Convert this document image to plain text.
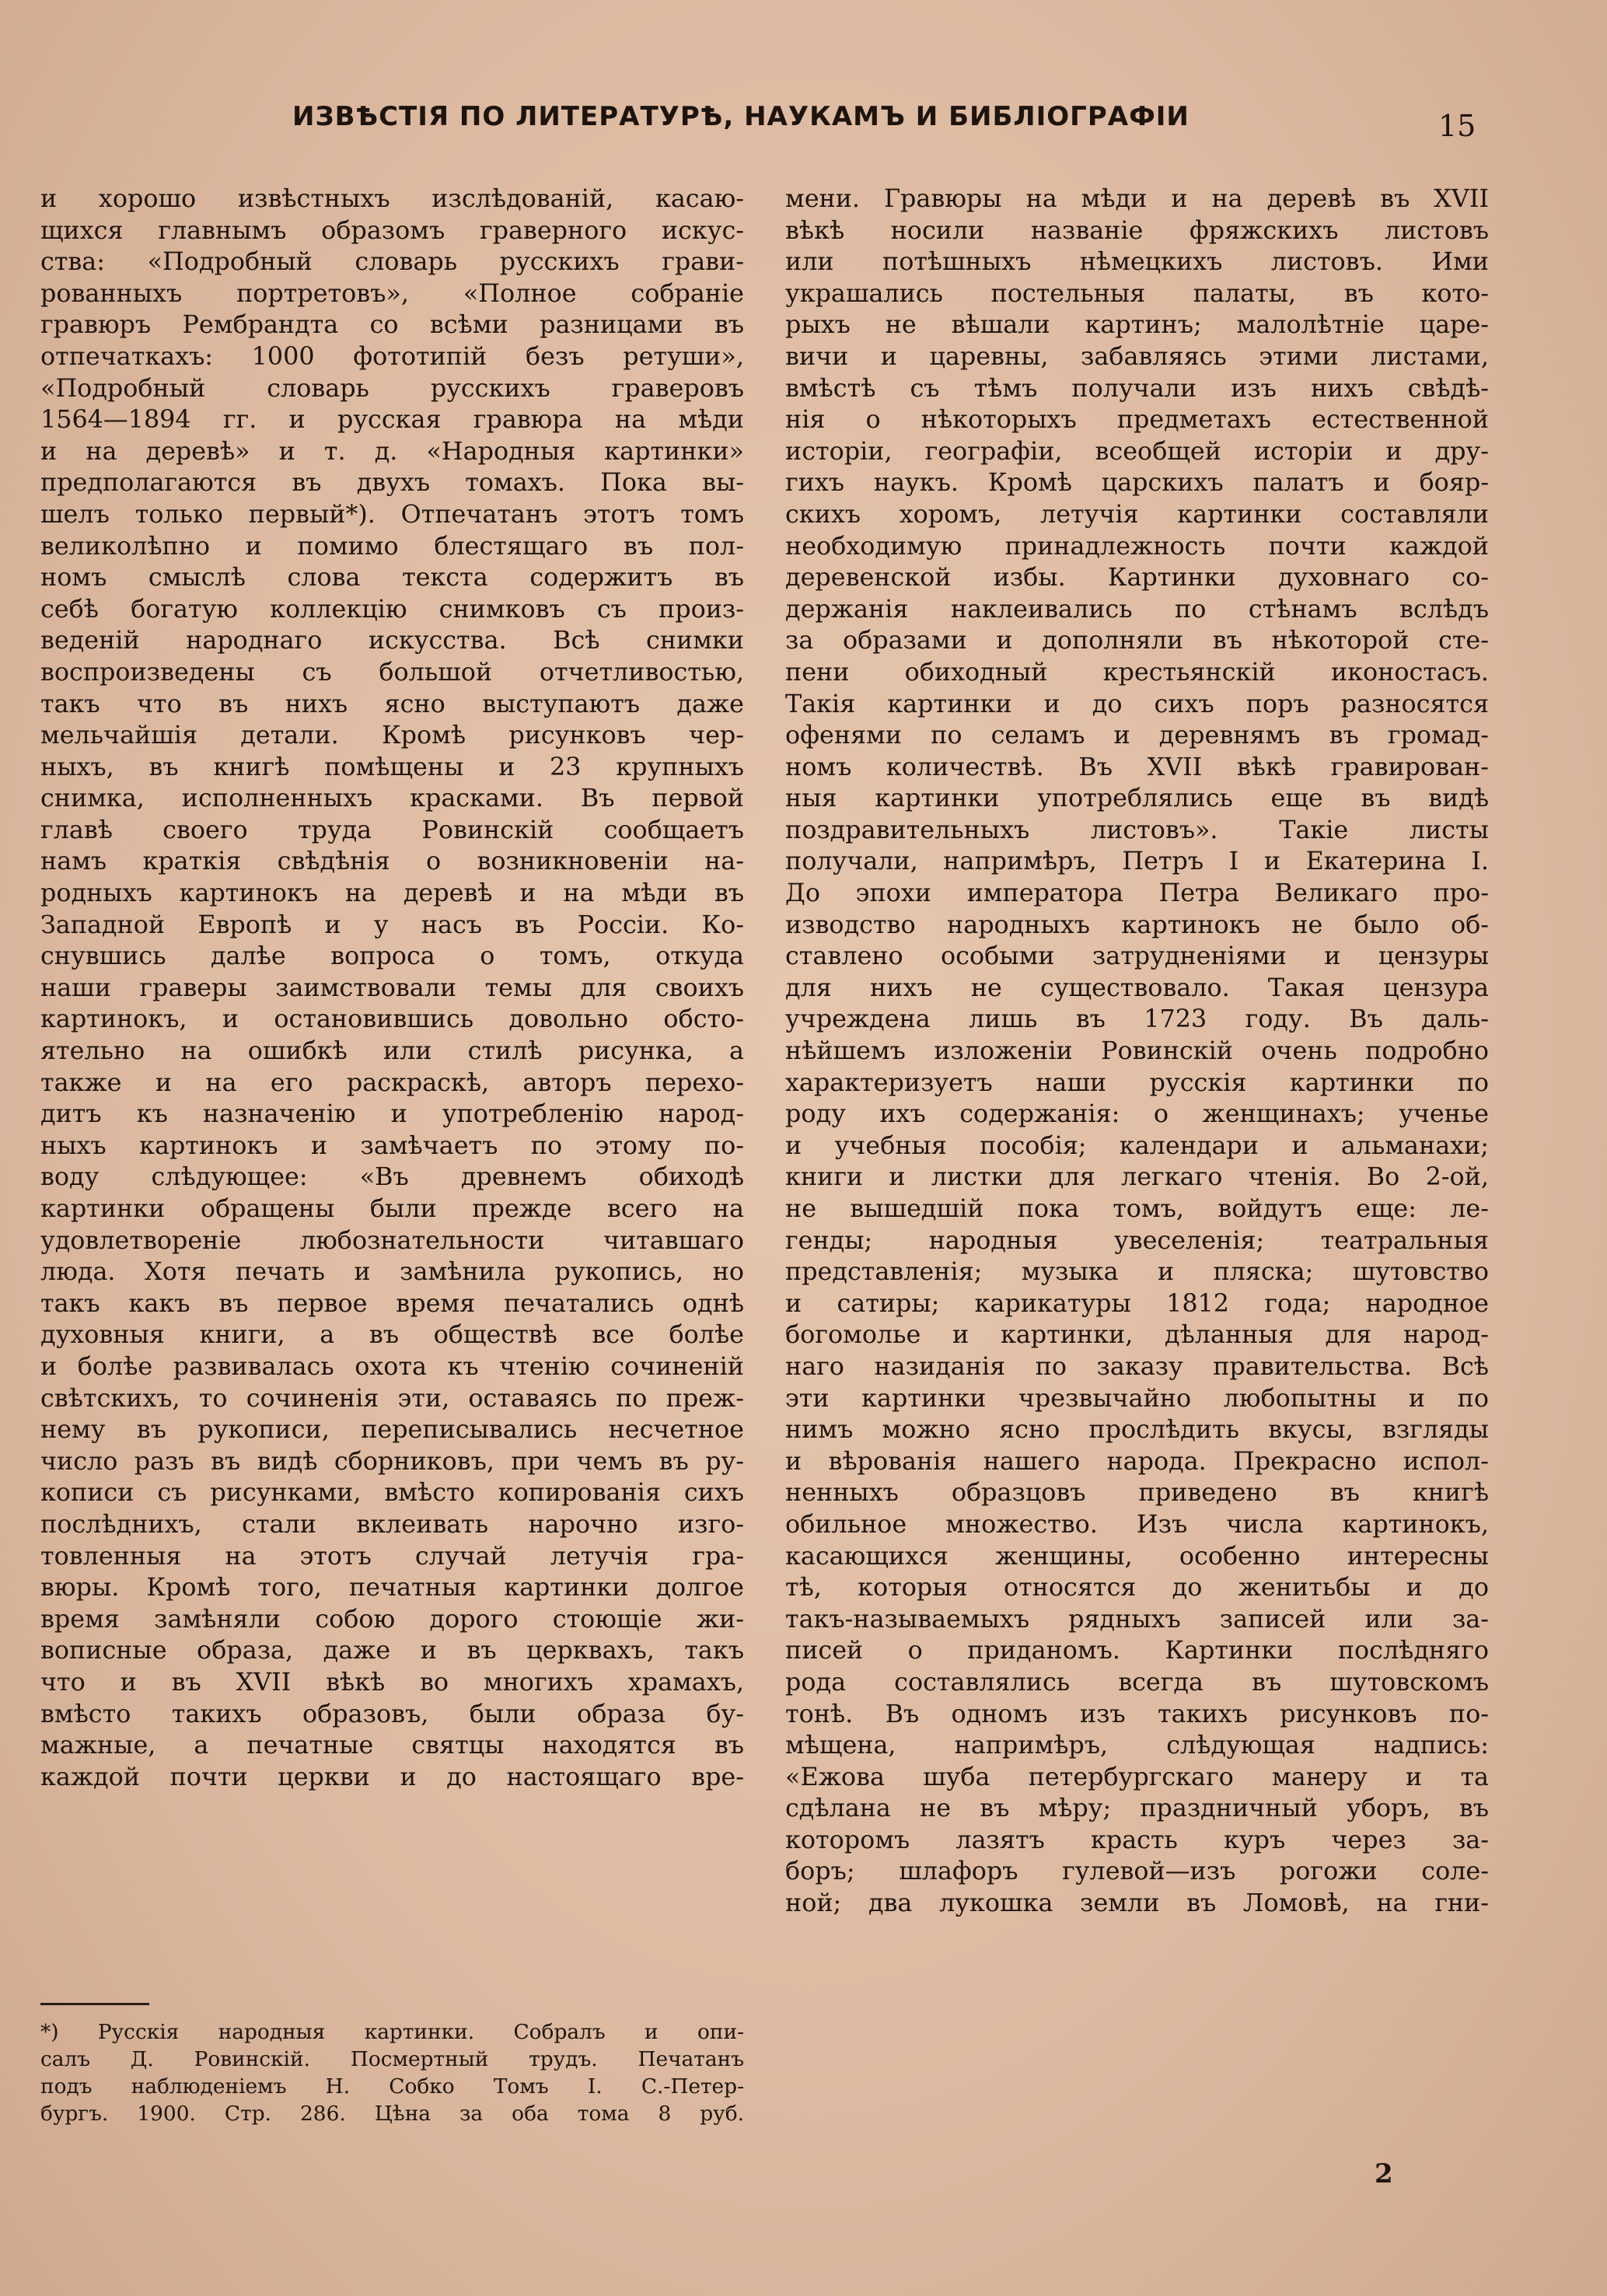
ИЗВѢСТІЯ ПО ЛИТЕРАТУРѢ, НАУКАМЪ И БИБЛІОГРАФІИ	15
и хорошо извѣстныхъ изслѣдованій, касаю-
щихся главнымъ образомъ граверного искус-
ства: «Подробный словарь русскихъ грави-
рованныхъ портретовъ», «Полное собраніе
гравюръ Рембрандта со всѣми разницами въ
отпечаткахъ: 1000 фототипій безъ ретуши»,
«Подробный словарь русскихъ граверовъ
1564—1894 гг. и русская гравюра на мѣди
и на деревѣ» и т. д. «Народныя картинки»
предполагаются въ двухъ томахъ. Пока вы-
шелъ только первый*). Отпечатанъ этотъ томъ
великолѣпно и помимо блестящаго въ пол-
номъ смыслѣ слова текста содержитъ въ
себѣ богатую коллекцію снимковъ съ произ-
веденій народнаго искусства. Всѣ снимки
воспроизведены съ большой отчетливостью,
такъ что въ нихъ ясно выступаютъ даже
мельчайшія детали. Кромѣ рисунковъ чер-
ныхъ, въ книгѣ помѣщены и 23 крупныхъ
снимка, исполненныхъ красками. Въ первой
главѣ своего труда Ровинскій сообщаетъ
намъ краткія свѣдѣнія о возникновеніи на-
родныхъ картинокъ на деревѣ и на мѣди въ
Западной Европѣ и у насъ въ Россіи. Ко-
снувшись далѣе вопроса о томъ, откуда
наши граверы заимствовали темы для своихъ
картинокъ, и остановившись довольно обсто-
ятельно на ошибкѣ или стилѣ рисунка, а
также и на его раскраскѣ, авторъ перехо-
дитъ къ назначенію и употребленію народ-
ныхъ картинокъ и замѣчаетъ по этому по-
воду слѣдующее: «Въ древнемъ обиходѣ
картинки обращены были прежде всего на
удовлетвореніе любознательности читавшаго
люда. Хотя печать и замѣнила рукопись, но
такъ какъ въ первое время печатались однѣ
духовныя книги, а въ обществѣ все болѣе
и болѣе развивалась охота къ чтенію сочиненій
свѣтскихъ, то сочиненія эти, оставаясь по преж-
нему въ рукописи, переписывались несчетное
число разъ въ видѣ сборниковъ, при чемъ въ ру-
кописи съ рисунками, вмѣсто копированія сихъ
послѣднихъ, стали вклеивать нарочно изго-
товленныя на этотъ случай летучія гра-
вюры. Кромѣ того, печатныя картинки долгое
время замѣняли собою дорого стоющіе жи-
вописные образа, даже и въ церквахъ, такъ
что и въ XVII вѣкѣ во многихъ храмахъ,
вмѣсто такихъ образовъ, были образа бу-
мажные, а печатные святцы находятся въ
каждой почти церкви и до настоящаго вре-
мени. Гравюры на мѣди и на деревѣ въ XVII
вѣкѣ носили названіе фряжскихъ листовъ
или потѣшныхъ нѣмецкихъ листовъ. Ими
украшались постельныя палаты, въ кото-
рыхъ не вѣшали картинъ; малолѣтніе царе-
вичи и царевны, забавляясь этими листами,
вмѣстѣ съ тѣмъ получали изъ нихъ свѣдѣ-
нія о нѣкоторыхъ предметахъ естественной
исторіи, географіи, всеобщей исторіи и дру-
гихъ наукъ. Кромѣ царскихъ палатъ и бояр-
скихъ хоромъ, летучія картинки составляли
необходимую принадлежность почти каждой
деревенской избы. Картинки духовнаго со-
держанія наклеивались по стѣнамъ вслѣдъ
за образами и дополняли въ нѣкоторой сте-
пени обиходный крестьянскій иконостасъ.
Такія картинки и до сихъ поръ разносятся
офенями по селамъ и деревнямъ въ громад-
номъ количествѣ. Въ XVII вѣкѣ гравирован-
ныя картинки употреблялись еще въ видѣ
поздравительныхъ листовъ». Такіе листы
получали, напримѣръ, Петръ I и Екатерина I.
До эпохи императора Петра Великаго про-
изводство народныхъ картинокъ не было об-
ставлено особыми затрудненіями и цензуры
для нихъ не существовало. Такая цензура
учреждена лишь въ 1723 году. Въ даль-
нѣйшемъ изложеніи Ровинскій очень подробно
характеризуетъ наши русскія картинки по
роду ихъ содержанія: о женщинахъ; ученье
и учебныя пособія; календари и альманахи;
книги и листки для легкаго чтенія. Во 2-ой,
не вышедшій пока томъ, войдутъ еще: ле-
генды; народныя увеселенія; театральныя
представленія; музыка и пляска; шутовство
и сатиры; карикатуры 1812 года; народное
богомолье и картинки, дѣланныя для народ-
наго назиданія по заказу правительства. Всѣ
эти картинки чрезвычайно любопытны и по
нимъ можно ясно прослѣдить вкусы, взгляды
и вѣрованія нашего народа. Прекрасно испол-
ненныхъ образцовъ приведено въ книгѣ
обильное множество. Изъ числа картинокъ,
касающихся женщины, особенно интересны
тѣ, которыя относятся до женитьбы и до
такъ-называемыхъ рядныхъ записей или за-
писей о приданомъ. Картинки послѣдняго
рода составлялись всегда въ шутовскомъ
тонѣ. Въ одномъ изъ такихъ рисунковъ по-
мѣщена, напримѣръ, слѣдующая надпись:
«Ежова шуба петербургскаго манеру и та
сдѣлана не въ мѣру; праздничный уборъ, въ
которомъ лазятъ красть куръ через за-
боръ; шлафоръ гулевой—изъ рогожи соле-
ной; два лукошка земли въ Ломовѣ, на гни-
*) Русскія народныя картинки. Собралъ и опи-
салъ Д. Ровинскій. Посмертный трудъ. Печатанъ
подъ наблюденіемъ Н. Собко Томъ I. С.-Петер-
бургъ. 1900. Стр. 286. Цѣна за оба тома 8 руб.
2
